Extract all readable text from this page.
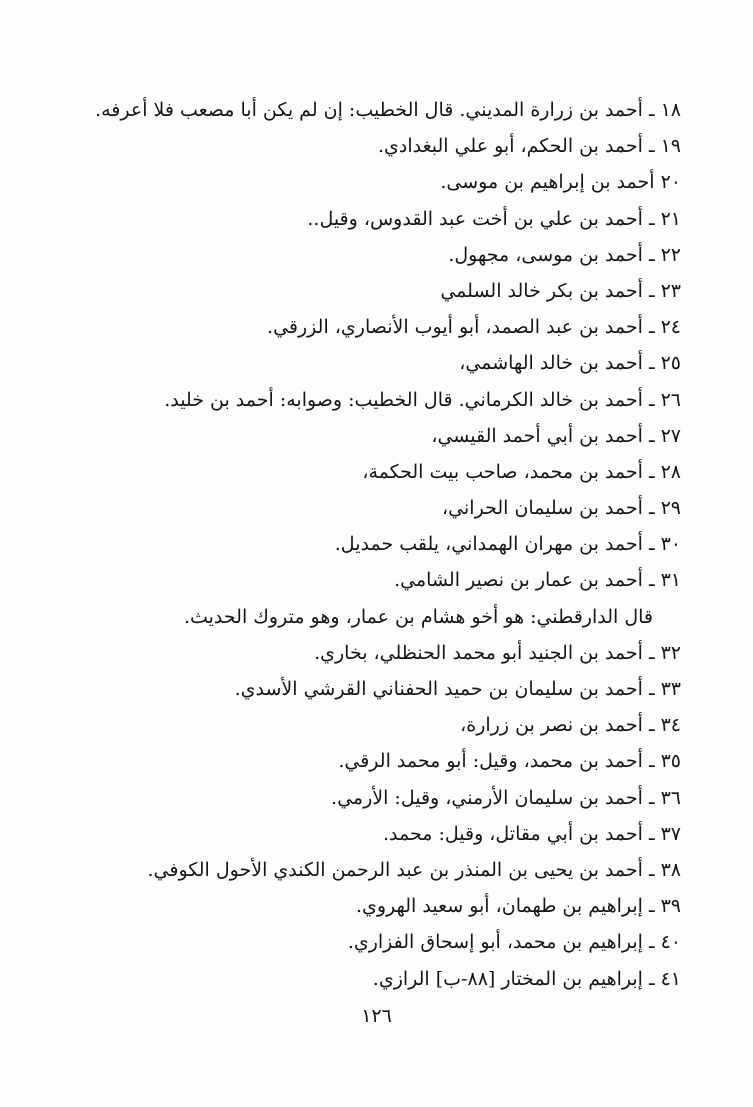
١٨ ـ أحمد بن زرارة المديني. قال الخطيب: إن لم يكن أبا مصعب فلا أعرفه.
١٩ ـ أحمد بن الحكم، أبو علي البغدادي.
٢٠ أحمد بن إبراهيم بن موسى.
٢١ ـ أحمد بن علي بن أخت عبد القدوس، وقيل..
٢٢ ـ أحمد بن موسى، مجهول.
٢٣ ـ أحمد بن بكر خالد السلمي
٢٤ ـ أحمد بن عبد الصمد، أبو أيوب الأنصاري، الزرقي.
٢٥ ـ أحمد بن خالد الهاشمي،
٢٦ ـ أحمد بن خالد الكرماني. قال الخطيب: وصوابه: أحمد بن خليد.
٢٧ ـ أحمد بن أبي أحمد القيسي،
٢٨ ـ أحمد بن محمد، صاحب بيت الحكمة،
٢٩ ـ أحمد بن سليمان الحراني،
٣٠ ـ أحمد بن مهران الهمداني، يلقب حمديل.
٣١ ـ أحمد بن عمار بن نصير الشامي.
قال الدارقطني: هو أخو هشام بن عمار، وهو متروك الحديث.
٣٢ ـ أحمد بن الجنيد أبو محمد الحنظلي، بخاري.
٣٣ ـ أحمد بن سليمان بن حميد الحفناني القرشي الأسدي.
٣٤ ـ أحمد بن نصر بن زرارة،
٣٥ ـ أحمد بن محمد، وقيل: أبو محمد الرقي.
٣٦ ـ أحمد بن سليمان الأرمني، وقيل: الأرمي.
٣٧ ـ أحمد بن أبي مقاتل، وقيل: محمد.
٣٨ ـ أحمد بن يحيى بن المنذر بن عبد الرحمن الكندي الأحول الكوفي.
٣٩ ـ إبراهيم بن طهمان، أبو سعيد الهروي.
٤٠ ـ إبراهيم بن محمد، أبو إسحاق الفزاري.
٤١ ـ إبراهيم بن المختار [٨٨-ب] الرازي.
١٢٦
